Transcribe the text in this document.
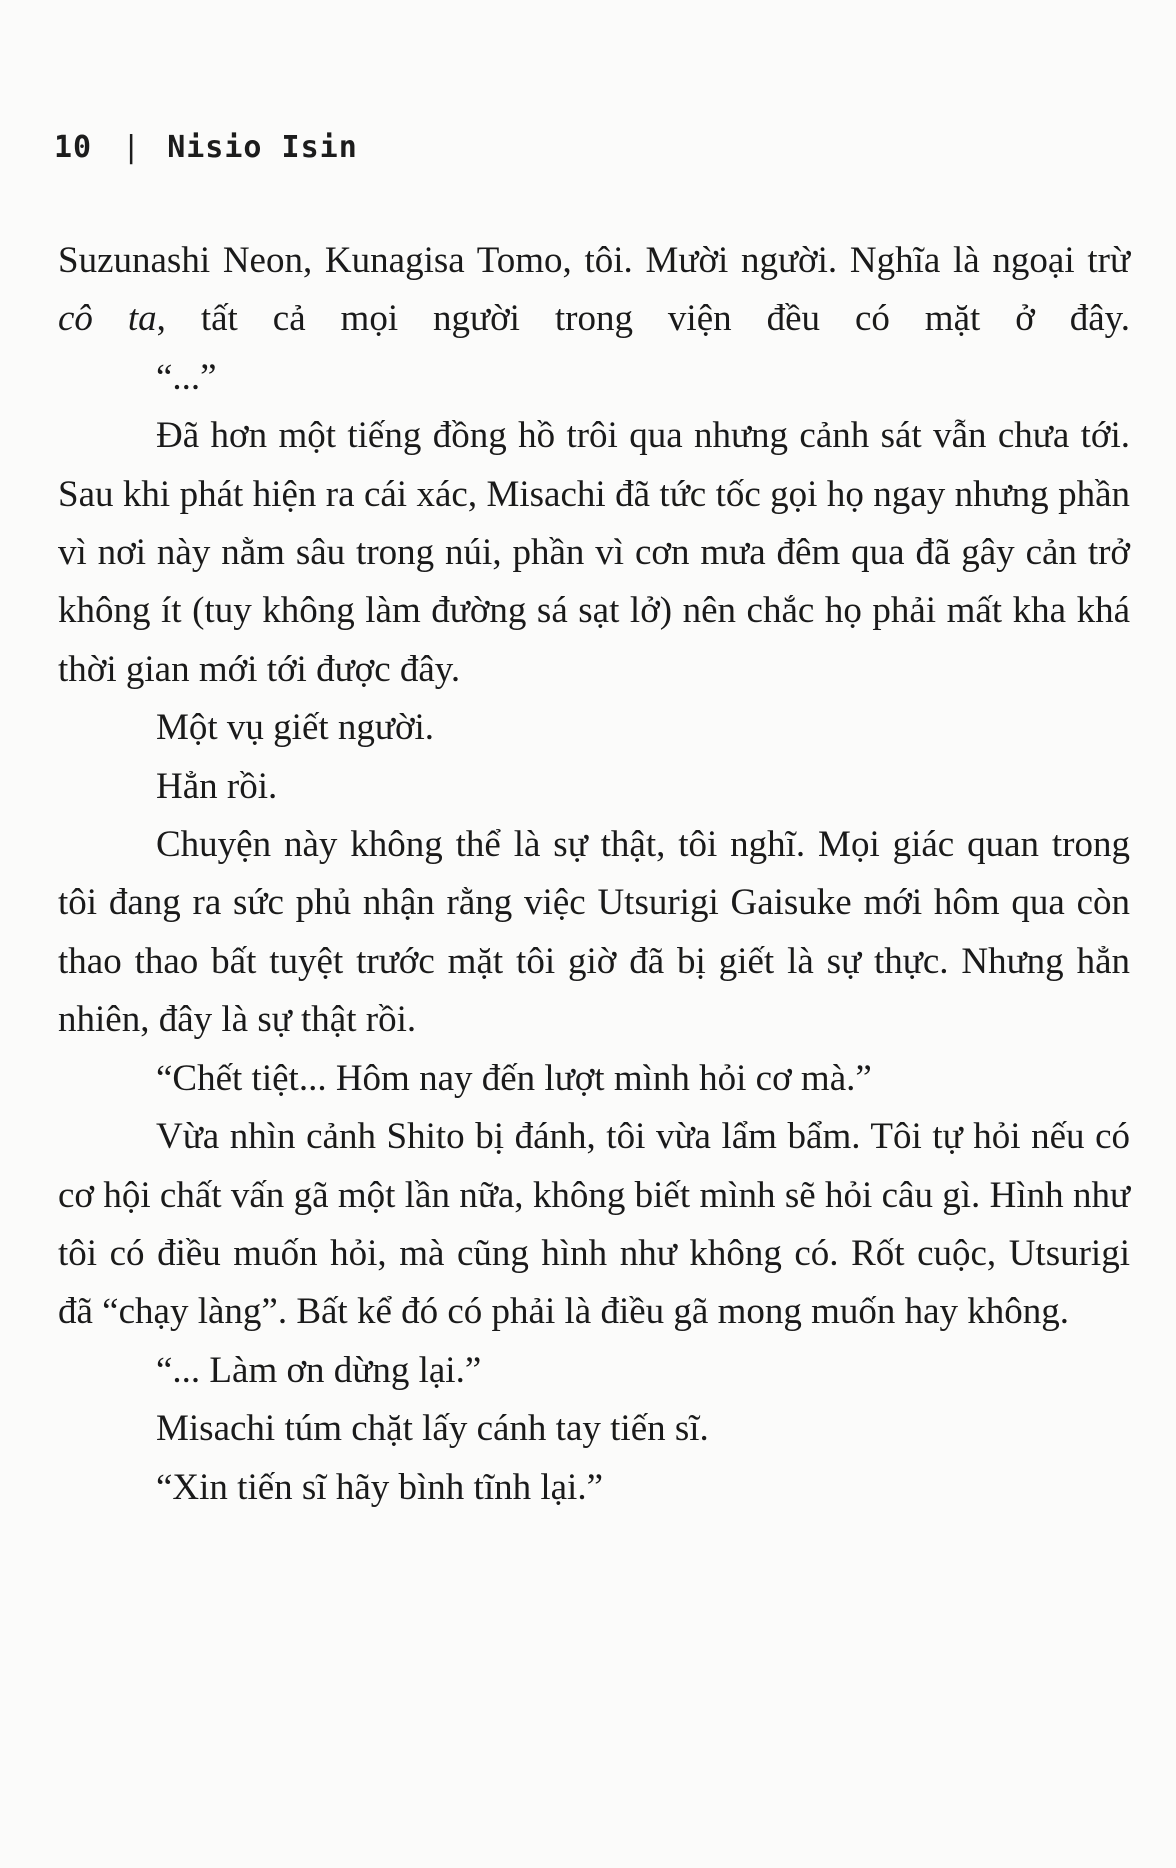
10 | Nisio Isin

Suzunashi Neon, Kunagisa Tomo, tôi. Mười người. Nghĩa là ngoại trừ cô ta, tất cả mọi người trong viện đều có mặt ở đây.

“...”

Đã hơn một tiếng đồng hồ trôi qua nhưng cảnh sát vẫn chưa tới. Sau khi phát hiện ra cái xác, Misachi đã tức tốc gọi họ ngay nhưng phần vì nơi này nằm sâu trong núi, phần vì cơn mưa đêm qua đã gây cản trở không ít (tuy không làm đường sá sạt lở) nên chắc họ phải mất kha khá thời gian mới tới được đây.

Một vụ giết người.

Hẳn rồi.

Chuyện này không thể là sự thật, tôi nghĩ. Mọi giác quan trong tôi đang ra sức phủ nhận rằng việc Utsurigi Gaisuke mới hôm qua còn thao thao bất tuyệt trước mặt tôi giờ đã bị giết là sự thực. Nhưng hẳn nhiên, đây là sự thật rồi.

“Chết tiệt... Hôm nay đến lượt mình hỏi cơ mà.”

Vừa nhìn cảnh Shito bị đánh, tôi vừa lẩm bẩm. Tôi tự hỏi nếu có cơ hội chất vấn gã một lần nữa, không biết mình sẽ hỏi câu gì. Hình như tôi có điều muốn hỏi, mà cũng hình như không có. Rốt cuộc, Utsurigi đã “chạy làng”. Bất kể đó có phải là điều gã mong muốn hay không.

“... Làm ơn dừng lại.”

Misachi túm chặt lấy cánh tay tiến sĩ.

“Xin tiến sĩ hãy bình tĩnh lại.”
